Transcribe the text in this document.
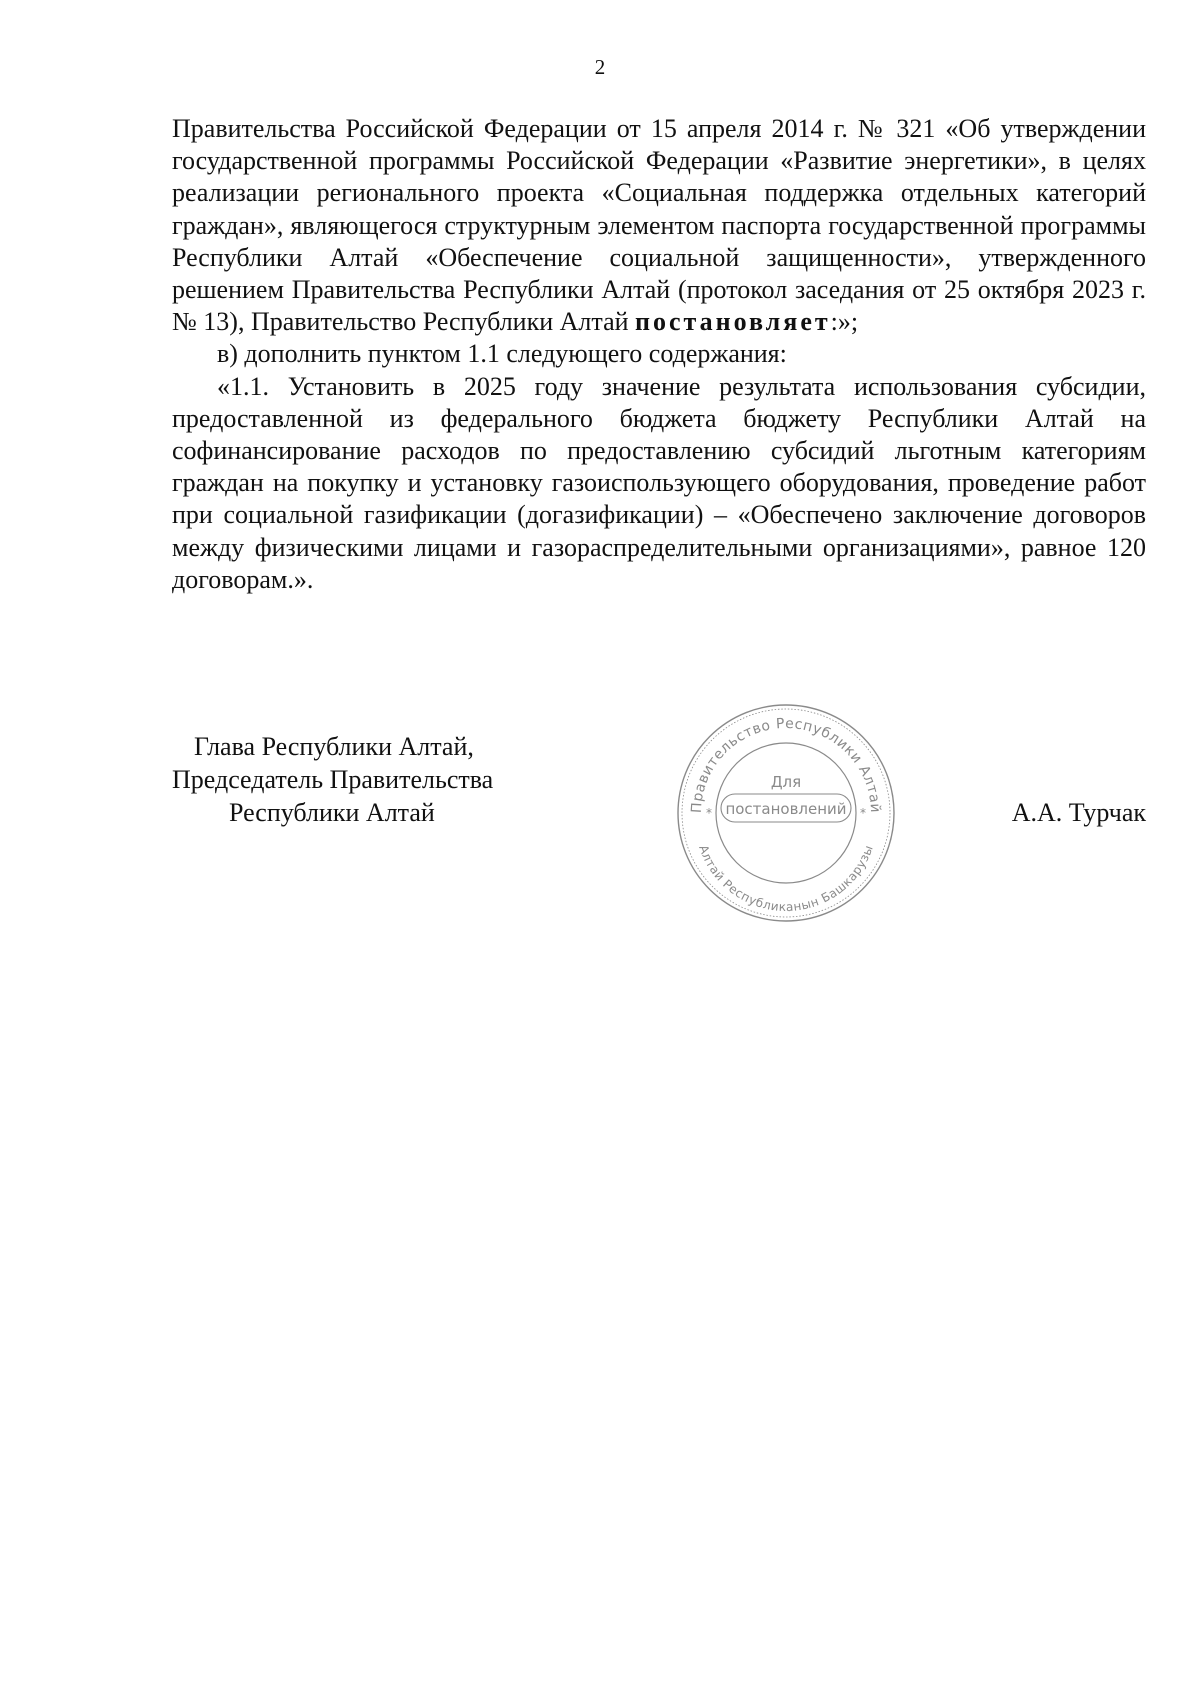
2

Правительства Российской Федерации от 15 апреля 2014 г. № 321 «Об утверждении государственной программы Российской Федерации «Развитие энергетики», в целях реализации регионального проекта «Социальная поддержка отдельных категорий граждан», являющегося структурным элементом паспорта государственной программы Республики Алтай «Обеспечение социальной защищенности», утвержденного решением Правительства Республики Алтай (протокол заседания от 25 октября 2023 г. № 13), Правительство Республики Алтай постановляет:»;

в) дополнить пунктом 1.1 следующего содержания:

«1.1. Установить в 2025 году значение результата использования субсидии, предоставленной из федерального бюджета бюджету Республики Алтай на софинансирование расходов по предоставлению субсидий льготным категориям граждан на покупку и установку газоиспользующего оборудования, проведение работ при социальной газификации (догазификации) – «Обеспечено заключение договоров между физическими лицами и газораспределительными организациями», равное 120 договорам.».

Глава Республики Алтай,
Председатель Правительства
Республики Алтай	Правительство Республики Алтай
Алтай Республиканын Башкарузы
Для
постановлений
*	*	А.А. Турчак
